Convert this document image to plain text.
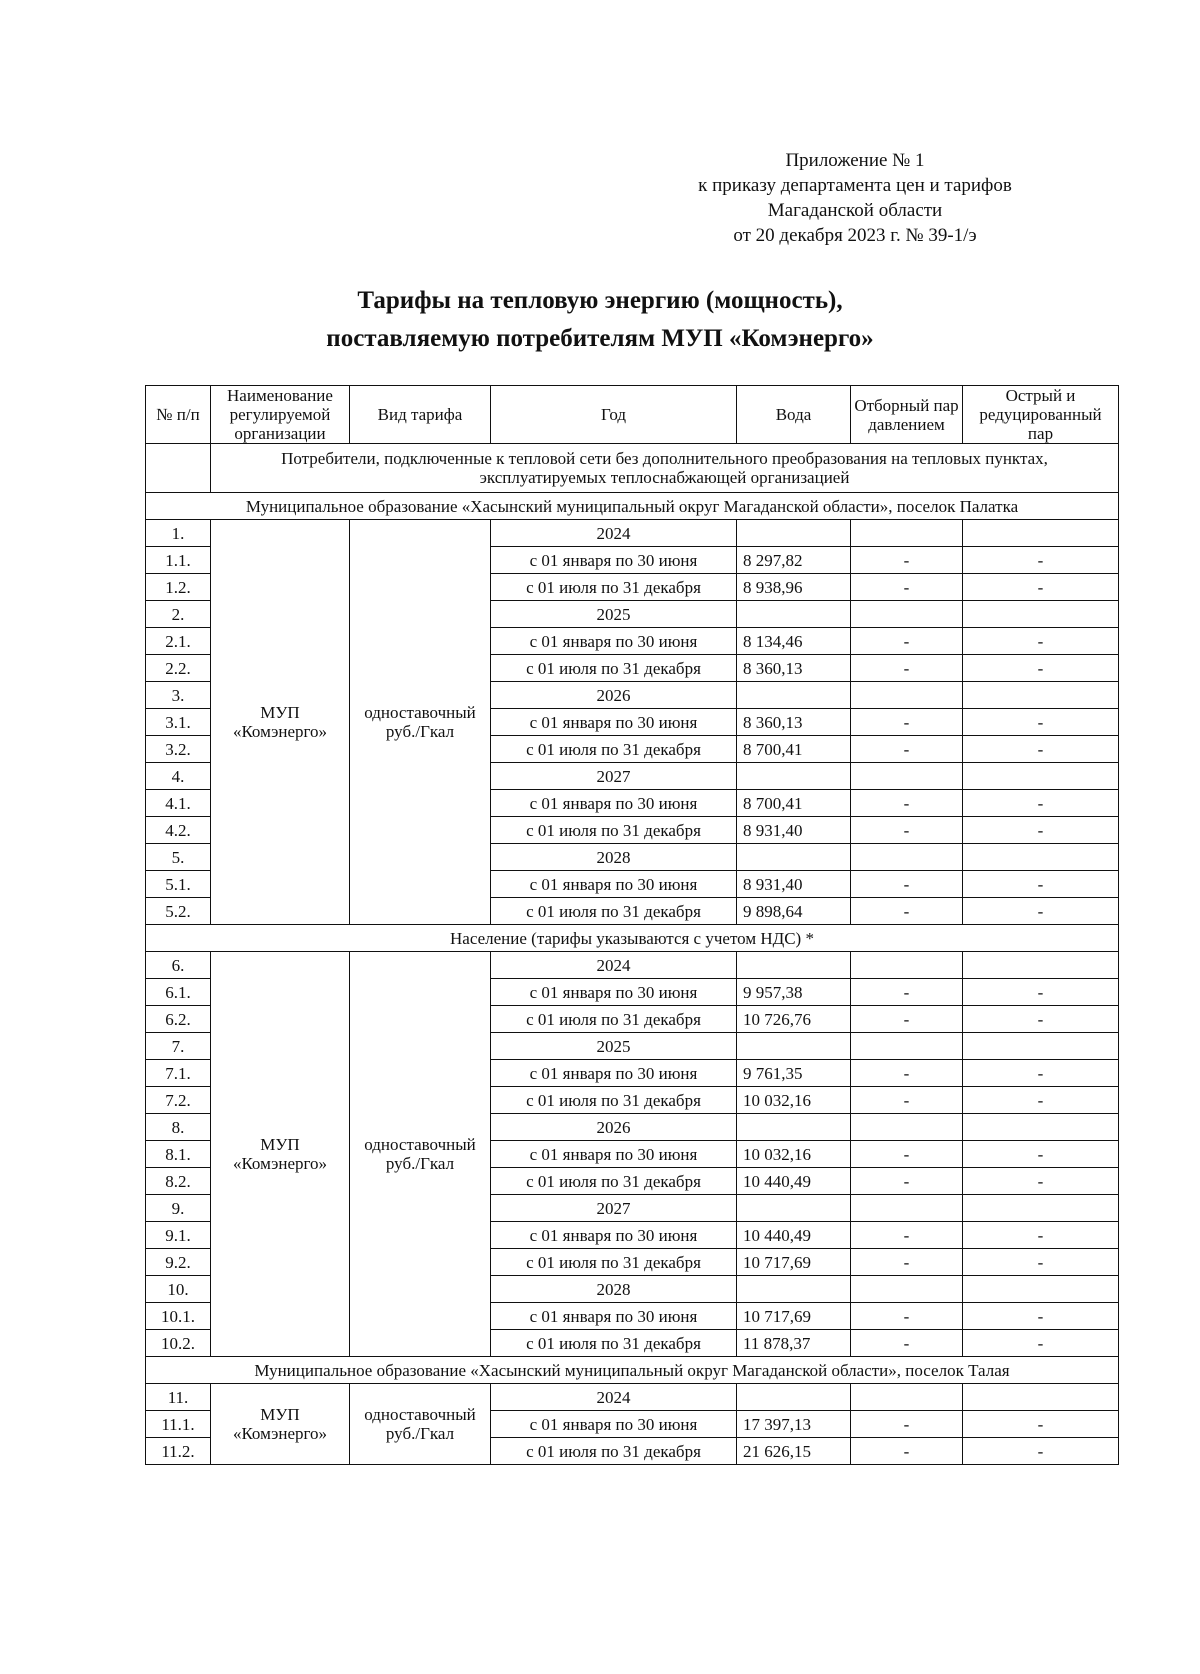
Приложение № 1
к приказу департамента цен и тарифов
Магаданской области
от 20 декабря 2023 г. № 39-1/э
Тарифы на тепловую энергию (мощность),
поставляемую потребителям МУП «Комэнерго»
№ п/п	Наименование регулируемой организации	Вид тарифа	Год	Вода	Отборный пар давлением	Острый и редуцированный пар
	Потребители, подключенные к тепловой сети без дополнительного преобразования на тепловых пунктах, эксплуатируемых теплоснабжающей организацией					
Муниципальное образование «Хасынский муниципальный округ Магаданской области», поселок Палатка						
1.	МУП «Комэнерго»	одноставочный руб./Гкал	2024			
1.1.			с 01 января по 30 июня	8 297,82	-	-
1.2.			с 01 июля по 31 декабря	8 938,96	-	-
2.			2025			
2.1.			с 01 января по 30 июня	8 134,46	-	-
2.2.			с 01 июля по 31 декабря	8 360,13	-	-
3.			2026			
3.1.			с 01 января по 30 июня	8 360,13	-	-
3.2.			с 01 июля по 31 декабря	8 700,41	-	-
4.			2027			
4.1.			с 01 января по 30 июня	8 700,41	-	-
4.2.			с 01 июля по 31 декабря	8 931,40	-	-
5.			2028			
5.1.			с 01 января по 30 июня	8 931,40	-	-
5.2.			с 01 июля по 31 декабря	9 898,64	-	-
Население (тарифы указываются с учетом НДС) *						
6.	МУП «Комэнерго»	одноставочный руб./Гкал	2024			
6.1.			с 01 января по 30 июня	9 957,38	-	-
6.2.			с 01 июля по 31 декабря	10 726,76	-	-
7.			2025			
7.1.			с 01 января по 30 июня	9 761,35	-	-
7.2.			с 01 июля по 31 декабря	10 032,16	-	-
8.			2026			
8.1.			с 01 января по 30 июня	10 032,16	-	-
8.2.			с 01 июля по 31 декабря	10 440,49	-	-
9.			2027			
9.1.			с 01 января по 30 июня	10 440,49	-	-
9.2.			с 01 июля по 31 декабря	10 717,69	-	-
10.			2028			
10.1.			с 01 января по 30 июня	10 717,69	-	-
10.2.			с 01 июля по 31 декабря	11 878,37	-	-
Муниципальное образование «Хасынский муниципальный округ Магаданской области», поселок Талая						
11.	МУП «Комэнерго»	одноставочный руб./Гкал	2024			
11.1.			с 01 января по 30 июня	17 397,13	-	-
11.2.			с 01 июля по 31 декабря	21 626,15	-	-
